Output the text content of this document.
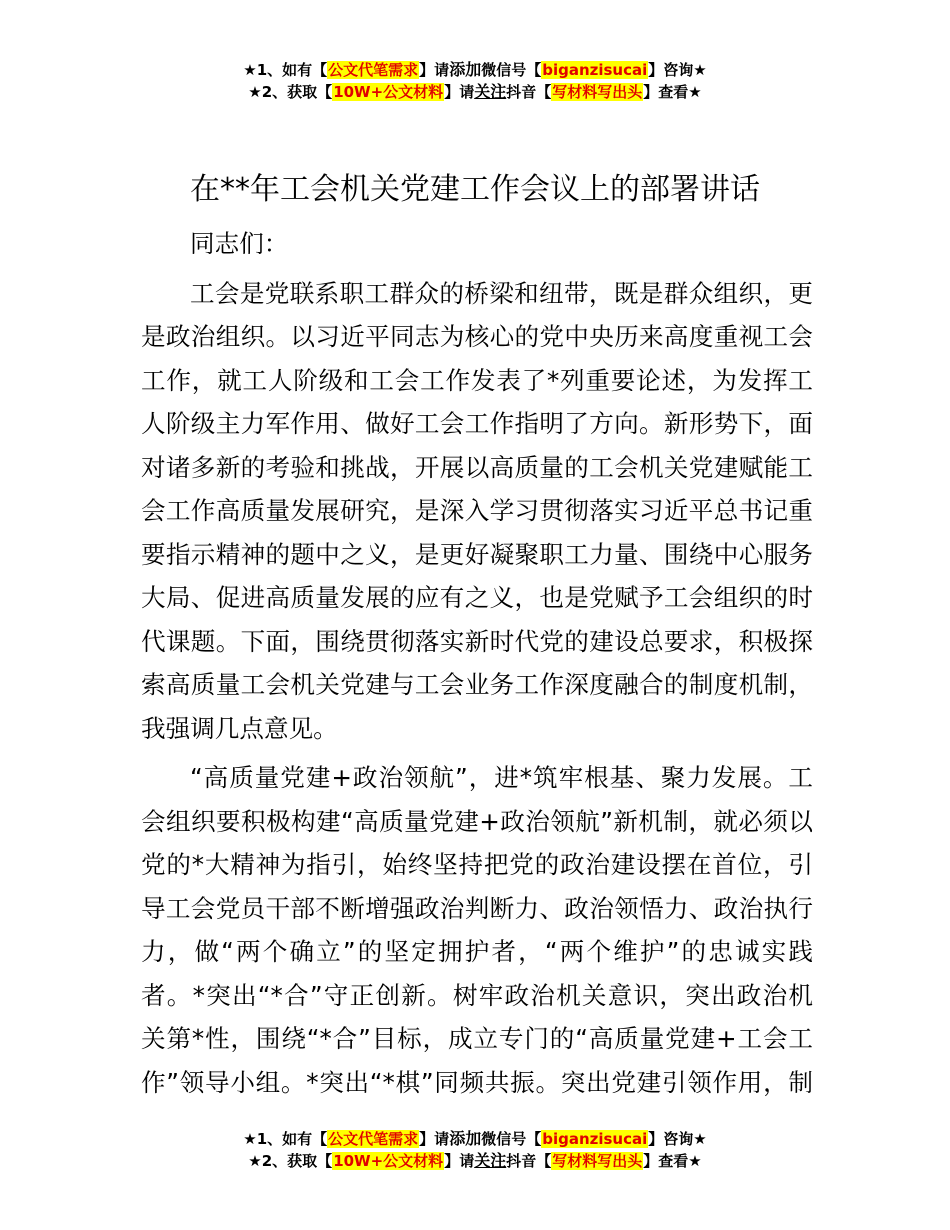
★1、如有【公文代笔需求】请添加微信号【biganzisucai】咨询★
★2、获取【10W+公文材料】请关注抖音【写材料写出头】查看★
在**年工会机关党建工作会议上的部署讲话
同志们：
工会是党联系职工群众的桥梁和纽带，既是群众组织，更
是政治组织。以习近平同志为核心的党中央历来高度重视工会
工作，就工人阶级和工会工作发表了*列重要论述，为发挥工
人阶级主力军作用、做好工会工作指明了方向。新形势下，面
对诸多新的考验和挑战，开展以高质量的工会机关党建赋能工
会工作高质量发展研究，是深入学习贯彻落实习近平总书记重
要指示精神的题中之义，是更好凝聚职工力量、围绕中心服务
大局、促进高质量发展的应有之义，也是党赋予工会组织的时
代课题。下面，围绕贯彻落实新时代党的建设总要求，积极探
索高质量工会机关党建与工会业务工作深度融合的制度机制，
我强调几点意见。
“高质量党建+政治领航”，进*筑牢根基、聚力发展。工
会组织要积极构建“高质量党建+政治领航”新机制，就必须以
党的*大精神为指引，始终坚持把党的政治建设摆在首位，引
导工会党员干部不断增强政治判断力、政治领悟力、政治执行
力，做“两个确立”的坚定拥护者，“两个维护”的忠诚实践
者。*突出“*合”守正创新。树牢政治机关意识，突出政治机
关第*性，围绕“*合”目标，成立专门的“高质量党建+工会工
作”领导小组。*突出“*棋”同频共振。突出党建引领作用，制
★1、如有【公文代笔需求】请添加微信号【biganzisucai】咨询★
★2、获取【10W+公文材料】请关注抖音【写材料写出头】查看★
